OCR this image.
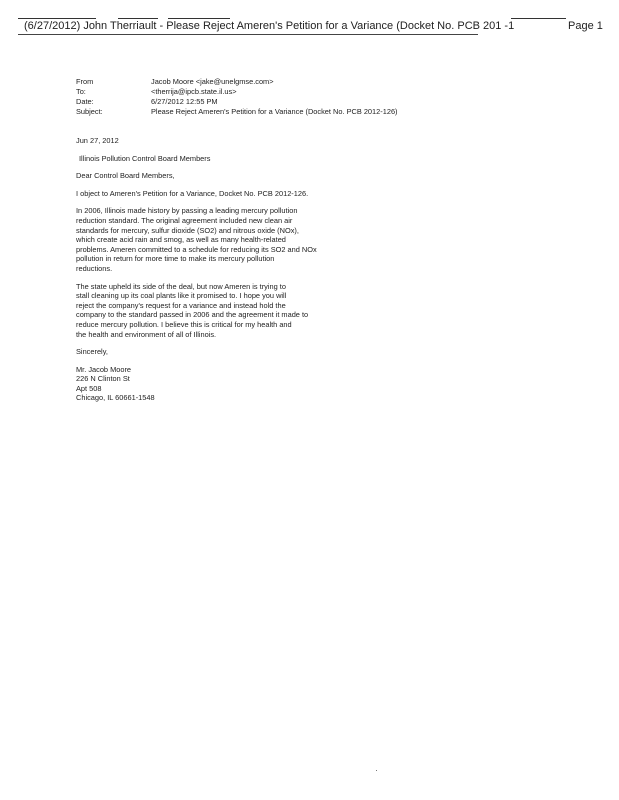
(6/27/2012) John Therriault - Please Reject Ameren's Petition for a Variance (Docket No. PCB 201 -1	Page 1
From	Jacob Moore <jake@unelgmse.com>
To:	<therrija@ipcb.state.il.us>
Date:	6/27/2012 12:55 PM
Subject:	Please Reject Ameren's Petition for a Variance (Docket No. PCB 2012-126)
Jun 27, 2012
Illinois Pollution Control Board Members
Dear Control Board Members,
I object to Ameren's Petition for a Variance, Docket No. PCB 2012-126.
In 2006, Illinois made history by passing a leading mercury pollution
reduction standard. The original agreement included new clean air
standards for mercury, sulfur dioxide (SO2) and nitrous oxide (NOx),
which create acid rain and smog, as well as many health-related
problems. Ameren committed to a schedule for reducing its SO2 and NOx
pollution in return for more time to make its mercury pollution
reductions.
The state upheld its side of the deal, but now Ameren is trying to
stall cleaning up its coal plants like it promised to. I hope you will
reject the company's request for a variance and instead hold the
company to the standard passed in 2006 and the agreement it made to
reduce mercury pollution. I believe this is critical for my health and
the health and environment of all of Illinois.
Sincerely,
Mr. Jacob Moore
226 N Clinton St
Apt 508
Chicago, IL 60661-1548
